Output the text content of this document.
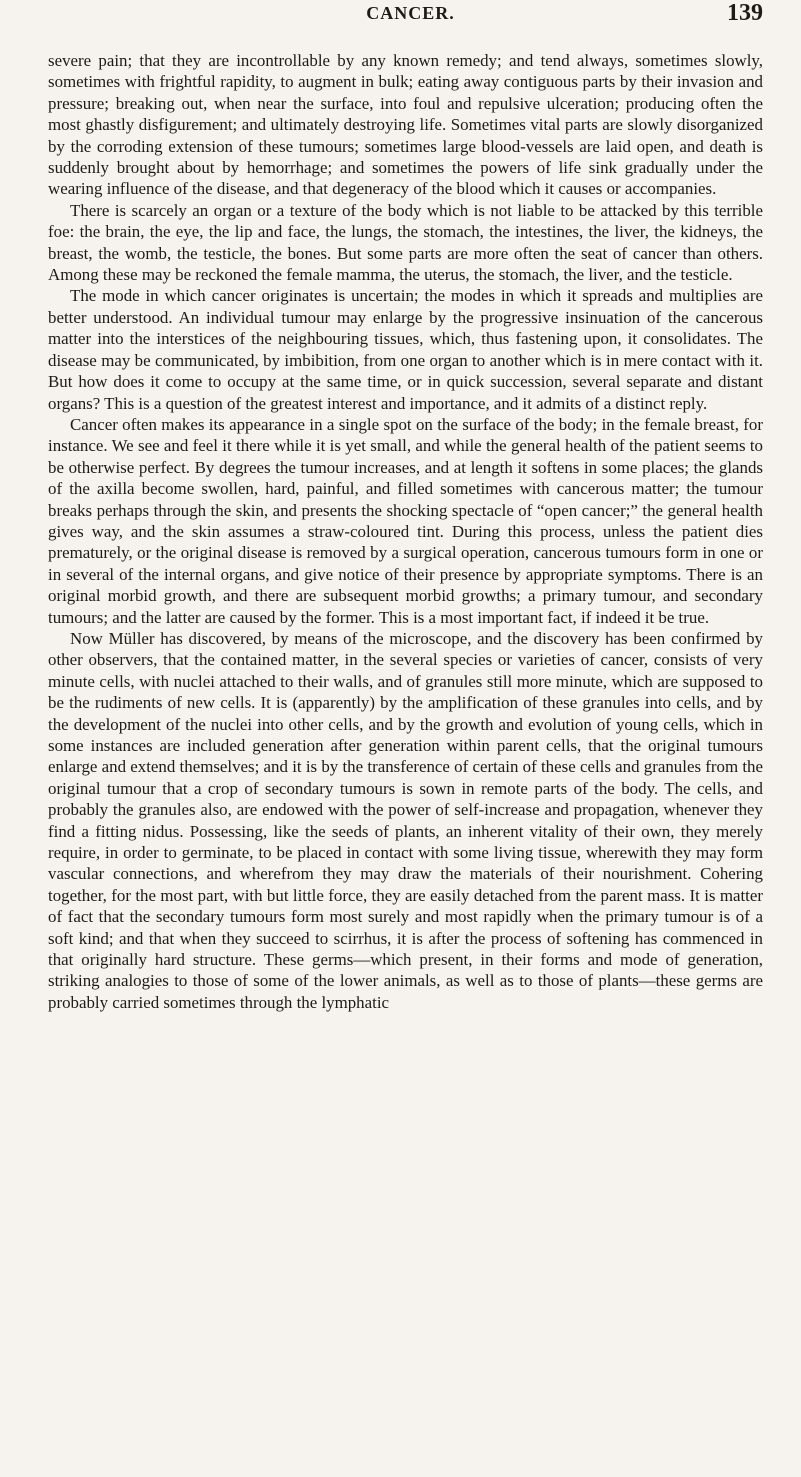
CANCER.	139

severe pain; that they are incontrollable by any known remedy; and tend always, sometimes slowly, sometimes with frightful rapidity, to augment in bulk; eating away contiguous parts by their invasion and pressure; breaking out, when near the surface, into foul and repulsive ulceration; producing often the most ghastly disfigurement; and ultimately destroying life. Sometimes vital parts are slowly disorganized by the corroding extension of these tumours; sometimes large blood-vessels are laid open, and death is suddenly brought about by hemorrhage; and sometimes the powers of life sink gradually under the wearing influence of the disease, and that degeneracy of the blood which it causes or accompanies.

There is scarcely an organ or a texture of the body which is not liable to be attacked by this terrible foe: the brain, the eye, the lip and face, the lungs, the stomach, the intestines, the liver, the kidneys, the breast, the womb, the testicle, the bones. But some parts are more often the seat of cancer than others. Among these may be reckoned the female mamma, the uterus, the stomach, the liver, and the testicle.

The mode in which cancer originates is uncertain; the modes in which it spreads and multiplies are better understood. An individual tumour may enlarge by the progressive insinuation of the cancerous matter into the interstices of the neighbouring tissues, which, thus fastening upon, it consolidates. The disease may be communicated, by imbibition, from one organ to another which is in mere contact with it. But how does it come to occupy at the same time, or in quick succession, several separate and distant organs? This is a question of the greatest interest and importance, and it admits of a distinct reply.

Cancer often makes its appearance in a single spot on the surface of the body; in the female breast, for instance. We see and feel it there while it is yet small, and while the general health of the patient seems to be otherwise perfect. By degrees the tumour increases, and at length it softens in some places; the glands of the axilla become swollen, hard, painful, and filled sometimes with cancerous matter; the tumour breaks perhaps through the skin, and presents the shocking spectacle of “open cancer;” the general health gives way, and the skin assumes a straw-coloured tint. During this process, unless the patient dies prematurely, or the original disease is removed by a surgical operation, cancerous tumours form in one or in several of the internal organs, and give notice of their presence by appropriate symptoms. There is an original morbid growth, and there are subsequent morbid growths; a primary tumour, and secondary tumours; and the latter are caused by the former. This is a most important fact, if indeed it be true.

Now Müller has discovered, by means of the microscope, and the discovery has been confirmed by other observers, that the contained matter, in the several species or varieties of cancer, consists of very minute cells, with nuclei attached to their walls, and of granules still more minute, which are supposed to be the rudiments of new cells. It is (apparently) by the amplification of these granules into cells, and by the development of the nuclei into other cells, and by the growth and evolution of young cells, which in some instances are included generation after generation within parent cells, that the original tumours enlarge and extend themselves; and it is by the transference of certain of these cells and granules from the original tumour that a crop of secondary tumours is sown in remote parts of the body. The cells, and probably the granules also, are endowed with the power of self-increase and propagation, whenever they find a fitting nidus. Possessing, like the seeds of plants, an inherent vitality of their own, they merely require, in order to germinate, to be placed in contact with some living tissue, wherewith they may form vascular connections, and wherefrom they may draw the materials of their nourishment. Cohering together, for the most part, with but little force, they are easily detached from the parent mass. It is matter of fact that the secondary tumours form most surely and most rapidly when the primary tumour is of a soft kind; and that when they succeed to scirrhus, it is after the process of softening has commenced in that originally hard structure. These germs—which present, in their forms and mode of generation, striking analogies to those of some of the lower animals, as well as to those of plants—these germs are probably carried sometimes through the lymphatic
